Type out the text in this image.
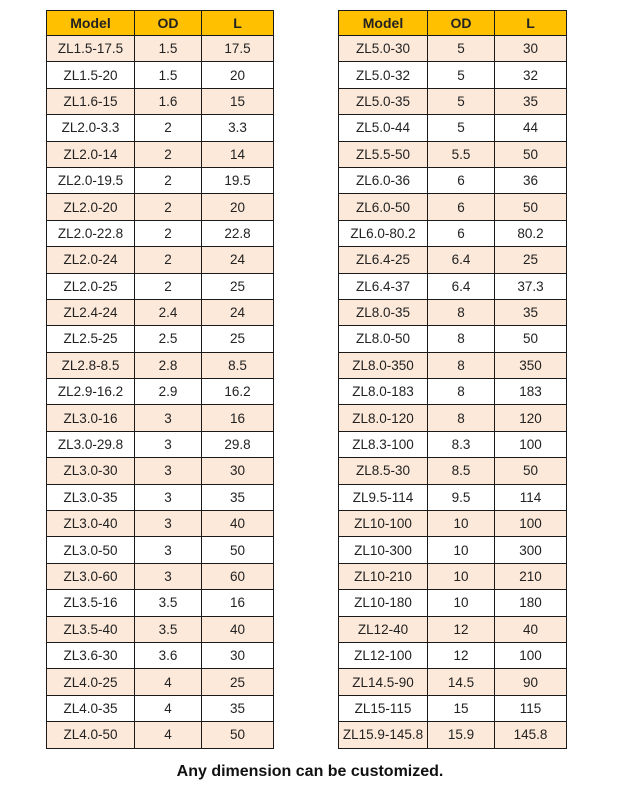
Model	OD	L
ZL1.5-17.5	1.5	17.5
ZL1.5-20	1.5	20
ZL1.6-15	1.6	15
ZL2.0-3.3	2	3.3
ZL2.0-14	2	14
ZL2.0-19.5	2	19.5
ZL2.0-20	2	20
ZL2.0-22.8	2	22.8
ZL2.0-24	2	24
ZL2.0-25	2	25
ZL2.4-24	2.4	24
ZL2.5-25	2.5	25
ZL2.8-8.5	2.8	8.5
ZL2.9-16.2	2.9	16.2
ZL3.0-16	3	16
ZL3.0-29.8	3	29.8
ZL3.0-30	3	30
ZL3.0-35	3	35
ZL3.0-40	3	40
ZL3.0-50	3	50
ZL3.0-60	3	60
ZL3.5-16	3.5	16
ZL3.5-40	3.5	40
ZL3.6-30	3.6	30
ZL4.0-25	4	25
ZL4.0-35	4	35
ZL4.0-50	4	50
Model	OD	L
ZL5.0-30	5	30
ZL5.0-32	5	32
ZL5.0-35	5	35
ZL5.0-44	5	44
ZL5.5-50	5.5	50
ZL6.0-36	6	36
ZL6.0-50	6	50
ZL6.0-80.2	6	80.2
ZL6.4-25	6.4	25
ZL6.4-37	6.4	37.3
ZL8.0-35	8	35
ZL8.0-50	8	50
ZL8.0-350	8	350
ZL8.0-183	8	183
ZL8.0-120	8	120
ZL8.3-100	8.3	100
ZL8.5-30	8.5	50
ZL9.5-114	9.5	114
ZL10-100	10	100
ZL10-300	10	300
ZL10-210	10	210
ZL10-180	10	180
ZL12-40	12	40
ZL12-100	12	100
ZL14.5-90	14.5	90
ZL15-115	15	115
ZL15.9-145.8	15.9	145.8
Any dimension can be customized.
